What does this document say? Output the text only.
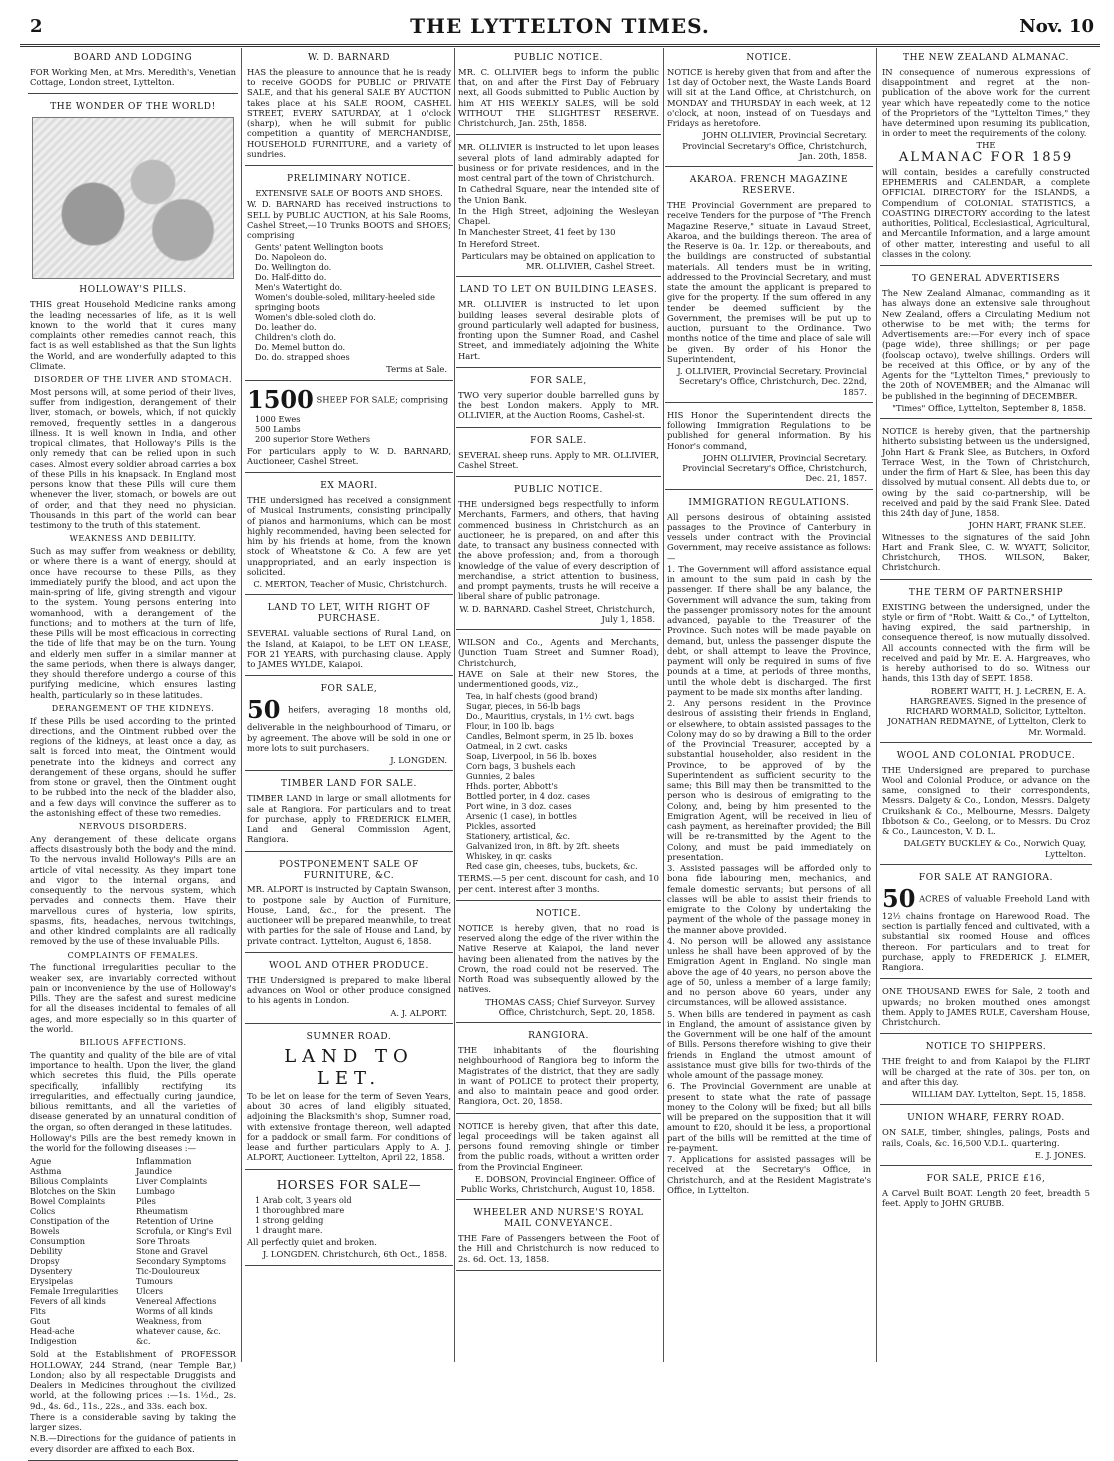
2	THE LYTTELTON TIMES.	Nov. 10
BOARD AND LODGING

FOR Working Men, at Mrs. Meredith's, Venetian Cottage, London street, Lyttelton.

THE WONDER OF THE WORLD!
HOLLOWAY'S PILLS.

THIS great Household Medicine ranks among the leading necessaries of life, as it is well known to the world that it cures many complaints other remedies cannot reach, this fact is as well established as that the Sun lights the World, and are wonderfully adapted to this Climate.

DISORDER OF THE LIVER AND STOMACH.

Most persons will, at some period of their lives, suffer from indigestion, derangement of their liver, stomach, or bowels, which, if not quickly removed, frequently settles in a dangerous illness. It is well known in India, and other tropical climates, that Holloway's Pills is the only remedy that can be relied upon in such cases. Almost every soldier abroad carries a box of these Pills in his knapsack. In England most persons know that these Pills will cure them whenever the liver, stomach, or bowels are out of order, and that they need no physician. Thousands in this part of the world can bear testimony to the truth of this statement.

WEAKNESS AND DEBILITY.

Such as may suffer from weakness or debility, or where there is a want of energy, should at once have recourse to these Pills, as they immediately purify the blood, and act upon the main-spring of life, giving strength and vigour to the system. Young persons entering into womanhood, with a derangement of the functions; and to mothers at the turn of life, these Pills will be most efficacious in correcting the tide of life that may be on the turn. Young and elderly men suffer in a similar manner at the same periods, when there is always danger, they should therefore undergo a course of this purifying medicine, which ensures lasting health, particularly so in these latitudes.

DERANGEMENT OF THE KIDNEYS.

If these Pills be used according to the printed directions, and the Ointment rubbed over the regions of the kidneys, at least once a day, as salt is forced into meat, the Ointment would penetrate into the kidneys and correct any derangement of these organs, should he suffer from stone or gravel, then the Ointment ought to be rubbed into the neck of the bladder also, and a few days will convince the sufferer as to the astonishing effect of these two remedies.

NERVOUS DISORDERS.

Any derangement of these delicate organs affects disastrously both the body and the mind. To the nervous invalid Holloway's Pills are an article of vital necessity. As they impart tone and vigor to the internal organs, and consequently to the nervous system, which pervades and connects them. Have their marvellous cures of hysteria, low spirits, spasms, fits, headaches, nervous twitchings, and other kindred complaints are all radically removed by the use of these invaluable Pills.

COMPLAINTS OF FEMALES.

The functional irregularities peculiar to the weaker sex, are invariably corrected without pain or inconvenience by the use of Holloway's Pills. They are the safest and surest medicine for all the diseases incidental to females of all ages, and more especially so in this quarter of the world.

BILIOUS AFFECTIONS.

The quantity and quality of the bile are of vital importance to health. Upon the liver, the gland which secretes this fluid, the Pills operate specifically, infallibly rectifying its irregularities, and effectually curing jaundice, bilious remittants, and all the varieties of disease generated by an unnatural condition of the organ, so often deranged in these latitudes.

Holloway's Pills are the best remedy known in the world for the following diseases :—

Ague
Asthma
Bilious Complaints
Blotches on the Skin
Bowel Complaints
Colics
Constipation of the Bowels
Consumption
Debility
Dropsy
Dysentery
Erysipelas
Female Irregularities
Fevers of all kinds
Fits
Gout
Head-ache
Indigestion
Inflammation
Jaundice
Liver Complaints
Lumbago
Piles
Rheumatism
Retention of Urine
Scrofula, or King's Evil
Sore Throats
Stone and Gravel
Secondary Symptoms
Tic-Douloureux
Tumours
Ulcers
Venereal Affections
Worms of all kinds
Weakness, from whatever cause, &c. &c.

Sold at the Establishment of PROFESSOR HOLLOWAY, 244 Strand, (near Temple Bar,) London; also by all respectable Druggists and Dealers in Medicines throughout the civilized world, at the following prices :—1s. 1½d., 2s. 9d., 4s. 6d., 11s., 22s., and 33s. each box.

There is a considerable saving by taking the larger sizes.

N.B.—Directions for the guidance of patients in every disorder are affixed to each Box.

W. D. BARNARD

HAS the pleasure to announce that he is ready to receive GOODS for PUBLIC or PRIVATE SALE, and that his general SALE BY AUCTION takes place at his SALE ROOM, CASHEL STREET, EVERY SATURDAY, at 1 o'clock (sharp), when he will submit for public competition a quantity of MERCHANDISE, HOUSEHOLD FURNITURE, and a variety of sundries.

PRELIMINARY NOTICE.
EXTENSIVE SALE OF BOOTS AND SHOES.

W. D. BARNARD has received instructions to SELL by PUBLIC AUCTION, at his Sale Rooms, Cashel Street,—10 Trunks BOOTS and SHOES; comprising

Gents' patent Wellington boots
Do. Napoleon do.
Do. Wellington do.
Do. Half-ditto do.
Men's Watertight do.
Women's double-soled, military-heeled side springing boots
Women's dble-soled cloth do.
Do. leather do.
Children's cloth do.
Do. Memel button do.
Do. do. strapped shoes

Terms at Sale.

1500 SHEEP FOR SALE; comprising

1000 Ewes
500 Lambs
200 superior Store Wethers

For particulars apply to W. D. BARNARD, Auctioneer, Cashel Street.

EX MAORI.

THE undersigned has received a consignment of Musical Instruments, consisting principally of pianos and harmoniums, which can be most highly recommended, having been selected for him by his friends at home, from the known stock of Wheatstone & Co. A few are yet unappropriated, and an early inspection is solicited.

C. MERTON, Teacher of Music, Christchurch.

LAND TO LET, WITH RIGHT OF PURCHASE.

SEVERAL valuable sections of Rural Land, on the Island, at Kaiapoi, to be LET ON LEASE, FOR 21 YEARS, with purchasing clause. Apply to JAMES WYLDE, Kaiapoi.

FOR SALE,

50 heifers, averaging 18 months old, deliverable in the neighbourhood of Timaru, or by agreement. The above will be sold in one or more lots to suit purchasers.

J. LONGDEN.

TIMBER LAND FOR SALE.

TIMBER LAND in large or small allotments for sale at Rangiora. For particulars and to treat for purchase, apply to FREDERICK ELMER, Land and General Commission Agent, Rangiora.

POSTPONEMENT SALE OF FURNITURE, &C.

MR. ALPORT is instructed by Captain Swanson, to postpone sale by Auction of Furniture, House, Land, &c., for the present. The auctioneer will be prepared meanwhile, to treat with parties for the sale of House and Land, by private contract. Lyttelton, August 6, 1858.

WOOL AND OTHER PRODUCE.

THE Undersigned is prepared to make liberal advances on Wool or other produce consigned to his agents in London.

A. J. ALPORT.

SUMNER ROAD.
LAND TO LET.

To be let on lease for the term of Seven Years, about 30 acres of land eligibly situated, adjoining the Blacksmith's shop, Sumner road, with extensive frontage thereon, well adapted for a paddock or small farm. For conditions of lease and further particulars Apply to A. J. ALPORT, Auctioneer. Lyttelton, April 22, 1858.

HORSES FOR SALE—
1 Arab colt, 3 years old
1 thoroughbred mare
1 strong gelding
1 draught mare.

All perfectly quiet and broken.

J. LONGDEN. Christchurch, 6th Oct., 1858.

PUBLIC NOTICE.

MR. C. OLLIVIER begs to inform the public that, on and after the First Day of February next, all Goods submitted to Public Auction by him AT HIS WEEKLY SALES, will be sold WITHOUT THE SLIGHTEST RESERVE. Christchurch, Jan. 25th, 1858.

MR. OLLIVIER is instructed to let upon leases several plots of land admirably adapted for business or for private residences, and in the most central part of the town of Christchurch.

In Cathedral Square, near the intended site of the Union Bank.

In the High Street, adjoining the Wesleyan Chapel.

In Manchester Street, 41 feet by 130

In Hereford Street.

Particulars may be obtained on application to MR. OLLIVIER, Cashel Street.

LAND TO LET ON BUILDING LEASES.

MR. OLLIVIER is instructed to let upon building leases several desirable plots of ground particularly well adapted for business, fronting upon the Sumner Road, and Cashel Street, and immediately adjoining the White Hart.

FOR SALE,

TWO very superior double barrelled guns by the best London makers. Apply to MR. OLLIVIER, at the Auction Rooms, Cashel-st.

FOR SALE.

SEVERAL sheep runs. Apply to MR. OLLIVIER, Cashel Street.

PUBLIC NOTICE.

THE undersigned begs respectfully to inform Merchants, Farmers, and others, that having commenced business in Christchurch as an auctioneer, he is prepared, on and after this date, to transact any business connected with the above profession; and, from a thorough knowledge of the value of every description of merchandise, a strict attention to business, and prompt payments, trusts he will receive a liberal share of public patronage.

W. D. BARNARD. Cashel Street, Christchurch, July 1, 1858.

WILSON and Co., Agents and Merchants, (Junction Tuam Street and Sumner Road), Christchurch,

HAVE on Sale at their new Stores, the undermentioned goods, viz.,

Tea, in half chests (good brand)
Sugar, pieces, in 56-lb bags
Do., Mauritius, crystals, in 1½ cwt. bags
Flour, in 100 lb. bags
Candles, Belmont sperm, in 25 lb. boxes
Oatmeal, in 2 cwt. casks
Soap, Liverpool, in 56 lb. boxes
Corn bags, 3 bushels each
Gunnies, 2 bales
Hhds. porter, Abbott's
Bottled porter, in 4 doz. cases
Port wine, in 3 doz. cases
Arsenic (1 case), in bottles
Pickles, assorted
Stationery, artistical, &c.
Galvanized iron, in 8ft. by 2ft. sheets
Whiskey, in qr. casks
Red case gin, cheeses, tubs, buckets, &c.

TERMS.—5 per cent. discount for cash, and 10 per cent. interest after 3 months.

NOTICE.

NOTICE is hereby given, that no road is reserved along the edge of the river within the Native Reserve at Kaiapoi, the land never having been alienated from the natives by the Crown, the road could not be reserved. The North Road was subsequently allowed by the natives.

THOMAS CASS; Chief Surveyor. Survey Office, Christchurch, Sept. 20, 1858.

RANGIORA.

THE inhabitants of the flourishing neighbourhood of Rangiora beg to inform the Magistrates of the district, that they are sadly in want of POLICE to protect their property, and also to maintain peace and good order. Rangiora, Oct. 20, 1858.

NOTICE is hereby given, that after this date, legal proceedings will be taken against all persons found removing shingle or timber from the public roads, without a written order from the Provincial Engineer.

E. DOBSON, Provincial Engineer. Office of Public Works, Christchurch, August 10, 1858.

WHEELER AND NURSE'S ROYAL MAIL CONVEYANCE.

THE Fare of Passengers between the Foot of the Hill and Christchurch is now reduced to 2s. 6d. Oct. 13, 1858.

NOTICE.

NOTICE is hereby given that from and after the 1st day of October next, the Waste Lands Board will sit at the Land Office, at Christchurch, on MONDAY and THURSDAY in each week, at 12 o'clock, at noon, instead of on Tuesdays and Fridays as heretofore.

JOHN OLLIVIER, Provincial Secretary. Provincial Secretary's Office, Christchurch, Jan. 20th, 1858.

AKAROA. FRENCH MAGAZINE RESERVE.

THE Provincial Government are prepared to receive Tenders for the purpose of "The French Magazine Reserve," situate in Lavaud Street, Akaroa, and the buildings thereon. The area of the Reserve is 0a. 1r. 12p. or thereabouts, and the buildings are constructed of substantial materials. All tenders must be in writing, addressed to the Provincial Secretary, and must state the amount the applicant is prepared to give for the property. If the sum offered in any tender be deemed sufficient by the Government, the premises will be put up to auction, pursuant to the Ordinance. Two months notice of the time and place of sale will be given. By order of his Honor the Superintendent,

J. OLLIVIER, Provincial Secretary. Provincial Secretary's Office, Christchurch, Dec. 22nd, 1857.

HIS Honor the Superintendent directs the following Immigration Regulations to be published for general information. By his Honor's command,

JOHN OLLIVIER, Provincial Secretary. Provincial Secretary's Office, Christchurch, Dec. 21, 1857.

IMMIGRATION REGULATIONS.

All persons desirous of obtaining assisted passages to the Province of Canterbury in vessels under contract with the Provincial Government, may receive assistance as follows:—

1. The Government will afford assistance equal in amount to the sum paid in cash by the passenger. If there shall be any balance, the Government will advance the sum, taking from the passenger promissory notes for the amount advanced, payable to the Treasurer of the Province. Such notes will be made payable on demand, but, unless the passenger dispute the debt, or shall attempt to leave the Province, payment will only be required in sums of five pounds at a time, at periods of three months, until the whole debt is discharged. The first payment to be made six months after landing.

2. Any persons resident in the Province desirous of assisting their friends in England, or elsewhere, to obtain assisted passages to the Colony may do so by drawing a Bill to the order of the Provincial Treasurer, accepted by a substantial householder, also resident in the Province, to be approved of by the Superintendent as sufficient security to the same; this Bill may then be transmitted to the person who is desirous of emigrating to the Colony, and, being by him presented to the Emigration Agent, will be received in lieu of cash payment, as hereinafter provided; the Bill will be re-transmitted by the Agent to the Colony, and must be paid immediately on presentation.

3. Assisted passages will be afforded only to bona fide labouring men, mechanics, and female domestic servants; but persons of all classes will be able to assist their friends to emigrate to the Colony by undertaking the payment of the whole of the passage money in the manner above provided.

4. No person will be allowed any assistance unless he shall have been approved of by the Emigration Agent in England. No single man above the age of 40 years, no person above the age of 50, unless a member of a large family; and no person above 60 years, under any circumstances, will be allowed assistance.

5. When bills are tendered in payment as cash in England, the amount of assistance given by the Government will be one half of the amount of Bills. Persons therefore wishing to give their friends in England the utmost amount of assistance must give bills for two-thirds of the whole amount of the passage money.

6. The Provincial Government are unable at present to state what the rate of passage money to the Colony will be fixed; but all bills will be prepared on the supposition that it will amount to £20, should it be less, a proportional part of the bills will be remitted at the time of re-payment.

7. Applications for assisted passages will be received at the Secretary's Office, in Christchurch, and at the Resident Magistrate's Office, in Lyttelton.

THE NEW ZEALAND ALMANAC.

IN consequence of numerous expressions of disappointment and regret at the non-publication of the above work for the current year which have repeatedly come to the notice of the Proprietors of the "Lyttelton Times," they have determined upon resuming its publication, in order to meet the requirements of the colony.

THE
ALMANAC FOR 1859

will contain, besides a carefully constructed EPHEMERIS and CALENDAR, a complete OFFICIAL DIRECTORY for the ISLANDS, a Compendium of COLONIAL STATISTICS, a COASTING DIRECTORY according to the latest authorities, Political, Ecclesiastical, Agricultural, and Mercantile Information, and a large amount of other matter, interesting and useful to all classes in the colony.

TO GENERAL ADVERTISERS

The New Zealand Almanac, commanding as it has always done an extensive sale throughout New Zealand, offers a Circulating Medium not otherwise to be met with; the terms for Advertisements are:—For every inch of space (page wide), three shillings; or per page (foolscap octavo), twelve shillings. Orders will be received at this Office, or by any of the Agents for the "Lyttelton Times," previously to the 20th of NOVEMBER; and the Almanac will be published in the beginning of DECEMBER.

"Times" Office, Lyttelton, September 8, 1858.

NOTICE is hereby given, that the partnership hitherto subsisting between us the undersigned, John Hart & Frank Slee, as Butchers, in Oxford Terrace West, in the Town of Christchurch, under the firm of Hart & Slee, has been this day dissolved by mutual consent. All debts due to, or owing by the said co-partnership, will be received and paid by the said Frank Slee. Dated this 24th day of June, 1858.

JOHN HART, FRANK SLEE.

Witnesses to the signatures of the said John Hart and Frank Slee, C. W. WYATT, Solicitor, Christchurch, THOS. WILSON, Baker, Christchurch.

THE TERM OF PARTNERSHIP

EXISTING between the undersigned, under the style or firm of "Robt. Waitt & Co.," of Lyttelton, having expired, the said partnership, in consequence thereof, is now mutually dissolved. All accounts connected with the firm will be received and paid by Mr. E. A. Hargreaves, who is hereby authorised to do so. Witness our hands, this 13th day of SEPT. 1858.

ROBERT WAITT, H. J. LeCREN, E. A. HARGREAVES. Signed in the presence of RICHARD WORMALD, Solicitor, Lyttelton. JONATHAN REDMAYNE, of Lyttelton, Clerk to Mr. Wormald.

WOOL AND COLONIAL PRODUCE.

THE Undersigned are prepared to purchase Wool and Colonial Produce, or advance on the same, consigned to their correspondents, Messrs. Dalgety & Co., London, Messrs. Dalgety Cruikshank & Co., Melbourne, Messrs. Dalgety Ibbotson & Co., Geelong, or to Messrs. Du Croz & Co., Launceston, V. D. L.

DALGETY BUCKLEY & Co., Norwich Quay, Lyttelton.

FOR SALE AT RANGIORA.

50 ACRES of valuable Freehold Land with 12½ chains frontage on Harewood Road. The section is partially fenced and cultivated, with a substantial six roomed House and offices thereon. For particulars and to treat for purchase, apply to FREDERICK J. ELMER, Rangiora.

ONE THOUSAND EWES for Sale, 2 tooth and upwards; no broken mouthed ones amongst them. Apply to JAMES RULE, Caversham House, Christchurch.

NOTICE TO SHIPPERS.

THE freight to and from Kaiapoi by the FLIRT will be charged at the rate of 30s. per ton, on and after this day.

WILLIAM DAY. Lyttelton, Sept. 15, 1858.

UNION WHARF, FERRY ROAD.

ON SALE, timber, shingles, palings, Posts and rails, Coals, &c. 16,500 V.D.L. quartering.

E. J. JONES.

FOR SALE, PRICE £16,

A Carvel Built BOAT. Length 20 feet, breadth 5 feet. Apply to JOHN GRUBB.
